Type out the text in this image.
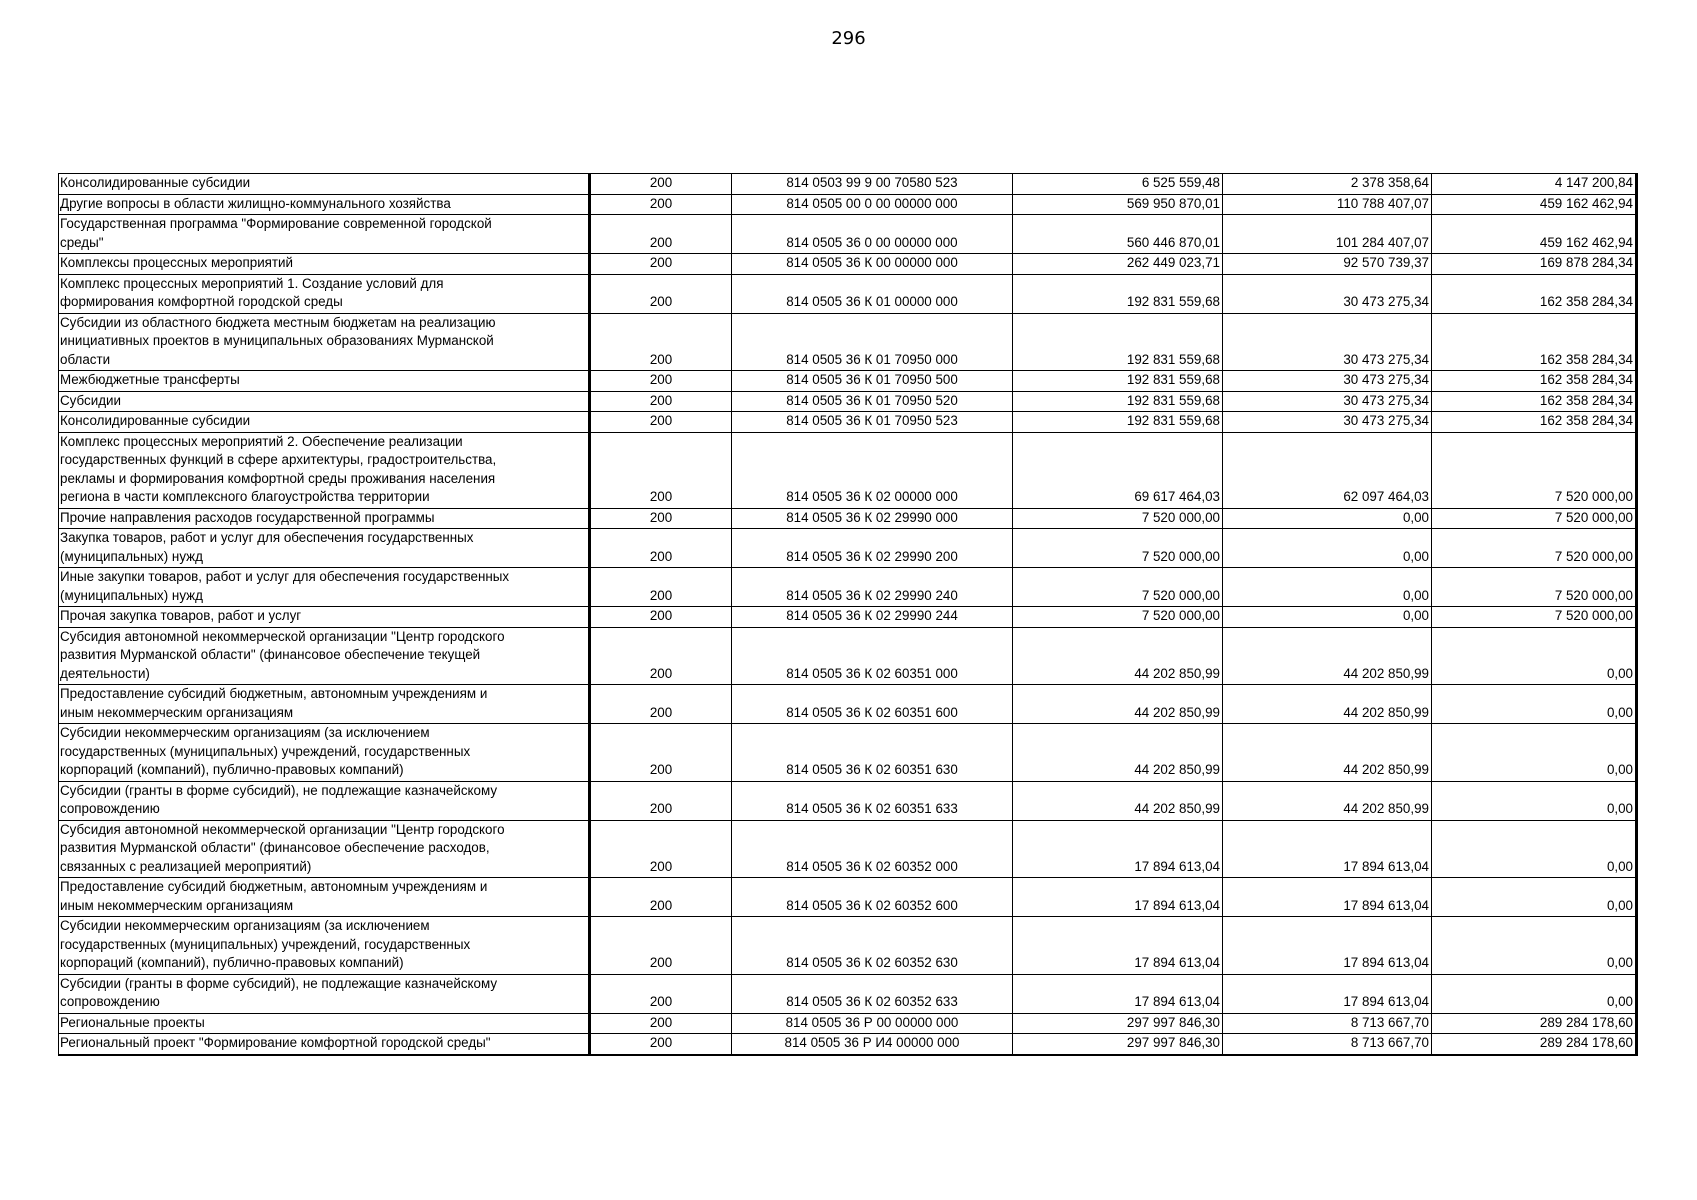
296
Консолидированные субсидии	200	814 0503 99 9 00 70580 523	6 525 559,48	2 378 358,64	4 147 200,84
Другие вопросы в области жилищно-коммунального хозяйства	200	814 0505 00 0 00 00000 000	569 950 870,01	110 788 407,07	459 162 462,94
Государственная программа "Формирование современной городской
среды"	200	814 0505 36 0 00 00000 000	560 446 870,01	101 284 407,07	459 162 462,94
Комплексы процессных мероприятий	200	814 0505 36 К 00 00000 000	262 449 023,71	92 570 739,37	169 878 284,34
Комплекс процессных мероприятий 1. Создание условий для
формирования комфортной городской среды	200	814 0505 36 К 01 00000 000	192 831 559,68	30 473 275,34	162 358 284,34
Субсидии из областного бюджета местным бюджетам на реализацию
инициативных проектов в муниципальных образованиях Мурманской
области	200	814 0505 36 К 01 70950 000	192 831 559,68	30 473 275,34	162 358 284,34
Межбюджетные трансферты	200	814 0505 36 К 01 70950 500	192 831 559,68	30 473 275,34	162 358 284,34
Субсидии	200	814 0505 36 К 01 70950 520	192 831 559,68	30 473 275,34	162 358 284,34
Консолидированные субсидии	200	814 0505 36 К 01 70950 523	192 831 559,68	30 473 275,34	162 358 284,34
Комплекс процессных мероприятий 2. Обеспечение реализации
государственных функций в сфере архитектуры, градостроительства,
рекламы и формирования комфортной среды проживания населения
региона в части комплексного благоустройства территории	200	814 0505 36 К 02 00000 000	69 617 464,03	62 097 464,03	7 520 000,00
Прочие направления расходов государственной программы	200	814 0505 36 К 02 29990 000	7 520 000,00	0,00	7 520 000,00
Закупка товаров, работ и услуг для обеспечения государственных
(муниципальных) нужд	200	814 0505 36 К 02 29990 200	7 520 000,00	0,00	7 520 000,00
Иные закупки товаров, работ и услуг для обеспечения государственных
(муниципальных) нужд	200	814 0505 36 К 02 29990 240	7 520 000,00	0,00	7 520 000,00
Прочая закупка товаров, работ и услуг	200	814 0505 36 К 02 29990 244	7 520 000,00	0,00	7 520 000,00
Субсидия автономной некоммерческой организации "Центр городского
развития Мурманской области" (финансовое обеспечение текущей
деятельности)	200	814 0505 36 К 02 60351 000	44 202 850,99	44 202 850,99	0,00
Предоставление субсидий бюджетным, автономным учреждениям и
иным некоммерческим организациям	200	814 0505 36 К 02 60351 600	44 202 850,99	44 202 850,99	0,00
Субсидии некоммерческим организациям (за исключением
государственных (муниципальных) учреждений, государственных
корпораций (компаний), публично-правовых компаний)	200	814 0505 36 К 02 60351 630	44 202 850,99	44 202 850,99	0,00
Субсидии (гранты в форме субсидий), не подлежащие казначейскому
сопровождению	200	814 0505 36 К 02 60351 633	44 202 850,99	44 202 850,99	0,00
Субсидия автономной некоммерческой организации "Центр городского
развития Мурманской области" (финансовое обеспечение расходов,
связанных с реализацией мероприятий)	200	814 0505 36 К 02 60352 000	17 894 613,04	17 894 613,04	0,00
Предоставление субсидий бюджетным, автономным учреждениям и
иным некоммерческим организациям	200	814 0505 36 К 02 60352 600	17 894 613,04	17 894 613,04	0,00
Субсидии некоммерческим организациям (за исключением
государственных (муниципальных) учреждений, государственных
корпораций (компаний), публично-правовых компаний)	200	814 0505 36 К 02 60352 630	17 894 613,04	17 894 613,04	0,00
Субсидии (гранты в форме субсидий), не подлежащие казначейскому
сопровождению	200	814 0505 36 К 02 60352 633	17 894 613,04	17 894 613,04	0,00
Региональные проекты	200	814 0505 36 Р 00 00000 000	297 997 846,30	8 713 667,70	289 284 178,60
Региональный проект "Формирование комфортной городской среды"	200	814 0505 36 Р И4 00000 000	297 997 846,30	8 713 667,70	289 284 178,60
